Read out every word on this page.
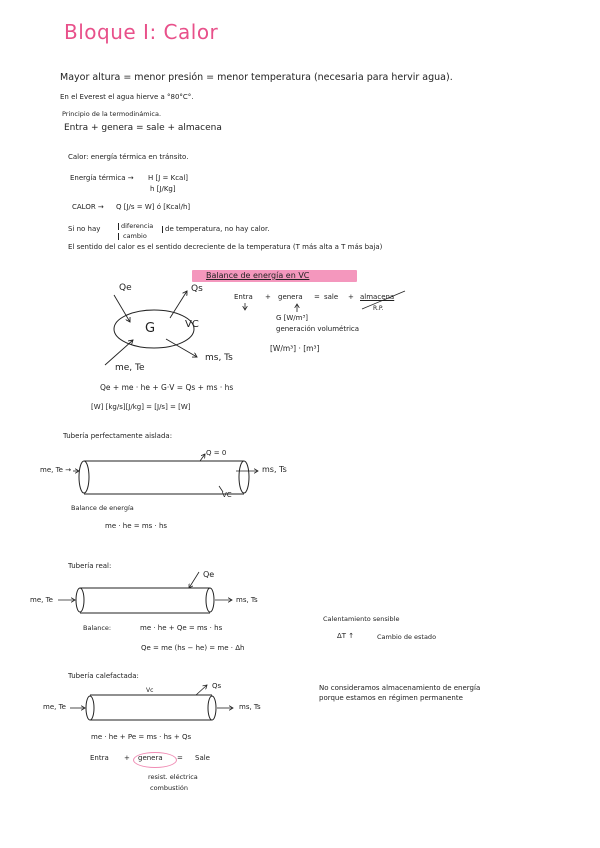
Bloque I: Calor
Mayor altura = menor presión = menor temperatura (necesaria para hervir agua).
En el Everest el agua hierve a °80°C°.
Principio de la termodinámica.
Entra + genera = sale + almacena
Calor: energía térmica en tránsito.
Energía térmica → H [J = Kcal]
h [J/Kg]
CALOR → Q [J/s = W] ó [Kcal/h]
Si no hay	diferencia
cambio
de temperatura, no hay calor.
El sentido del calor es el sentido decreciente de la temperatura (T más alta a T más baja)
Balance de energía en VC
Qe	Qs
G	VC
me, Te
ms, Ts
Entra + genera = sale + almacena
R.P.
G [W/m³]
generación volumétrica
[W/m³] · [m³]
Qe + me · he + G·V = Qs + ms · hs
[W] [kg/s][J/kg] = [J/s] = [W]
Tubería perfectamente aislada:
Q = 0
me, Te →	ms, Ts
VC
Balance de energía
me · he = ms · hs
Tubería real:
Qe
me, Te	ms, Ts
Balance:	me · he + Qe = ms · hs
Qe = me (hs − he) = me · Δh
Calentamiento sensible
ΔT ↑	Cambio de estado
No consideramos almacenamiento de energía
porque estamos en régimen permanente
Tubería calefactada:
Vc
Qs
me, Te	ms, Ts
me · he + Pe = ms · hs + Qs
Entra + genera = Sale
resist. eléctrica
combustión
